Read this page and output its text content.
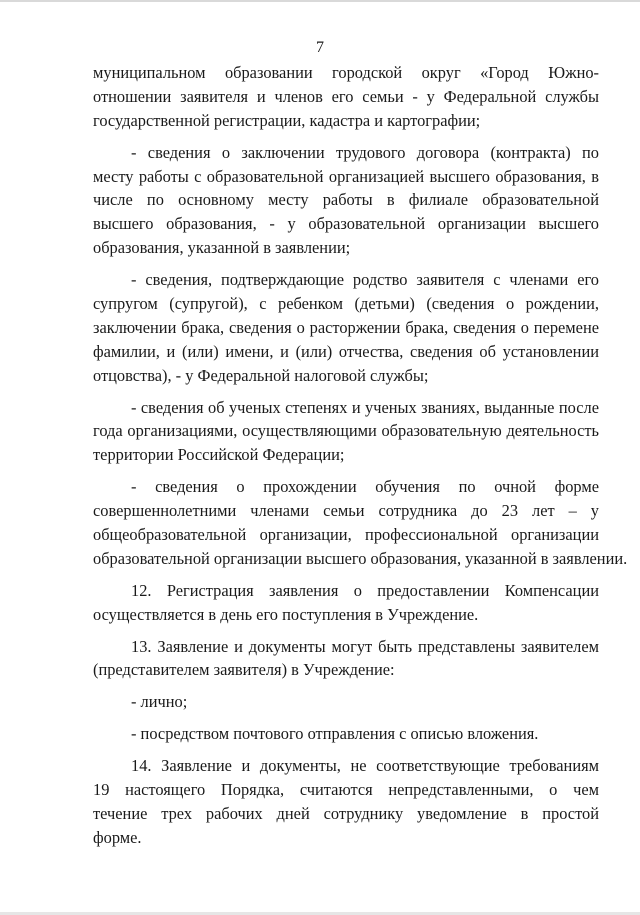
7
муниципальном образовании городской округ «Город Южно-
отношении заявителя и членов его семьи - у Федеральной службы
государственной регистрации, кадастра и картографии;
- сведения о заключении трудового договора (контракта) по
месту работы с образовательной организацией высшего образования, в
числе по основному месту работы в филиале образовательной
высшего образования, - у образовательной организации высшего
образования, указанной в заявлении;
- сведения, подтверждающие родство заявителя с членами его
супругом (супругой), с ребенком (детьми) (сведения о рождении,
заключении брака, сведения о расторжении брака, сведения о перемене
фамилии, и (или) имени, и (или) отчества, сведения об установлении
отцовства), - у Федеральной налоговой службы;
- сведения об ученых степенях и ученых званиях, выданные после
года организациями, осуществляющими образовательную деятельность
территории Российской Федерации;
- сведения о прохождении обучения по очной форме
совершеннолетними членами семьи сотрудника до 23 лет – у
общеобразовательной организации, профессиональной организации
образовательной организации высшего образования, указанной в заявлении.
12. Регистрация заявления о предоставлении Компенсации
осуществляется в день его поступления в Учреждение.
13. Заявление и документы могут быть представлены заявителем
(представителем заявителя) в Учреждение:
- лично;
- посредством почтового отправления с описью вложения.
14. Заявление и документы, не соответствующие требованиям
19 настоящего Порядка, считаются непредставленными, о чем
течение трех рабочих дней сотруднику уведомление в простой
форме.
